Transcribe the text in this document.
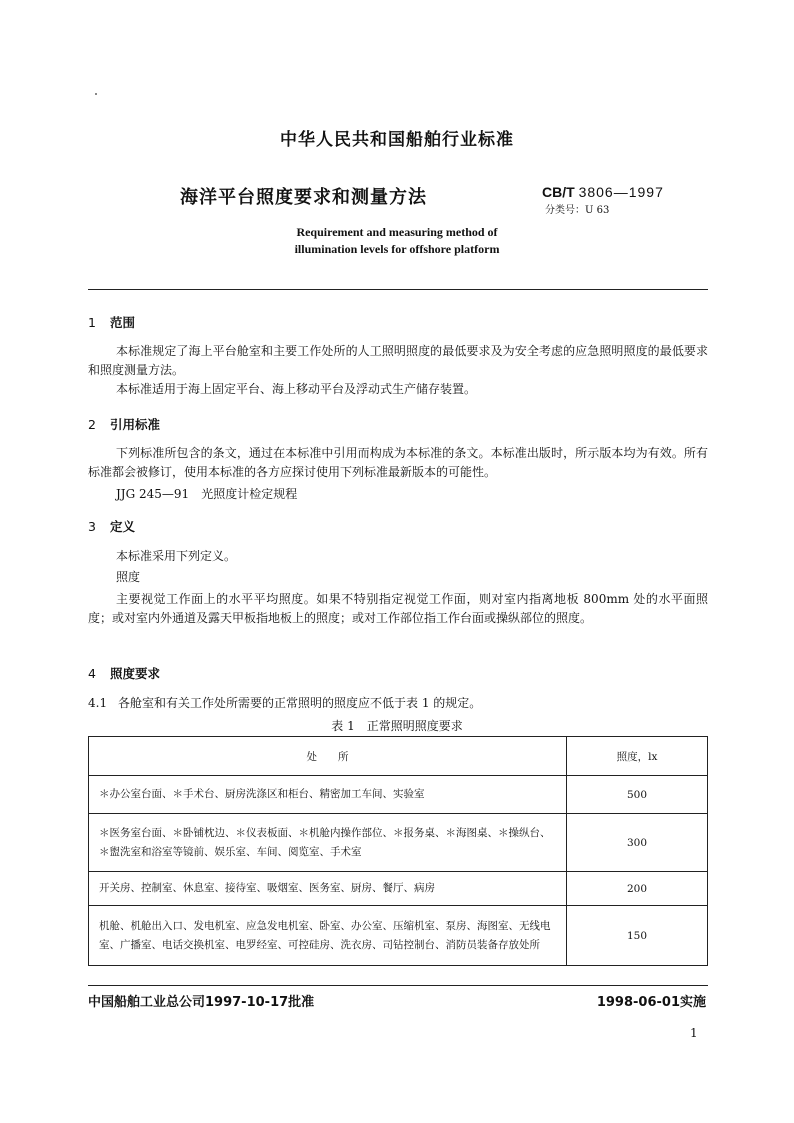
中华人民共和国船舶行业标准
海洋平台照度要求和测量方法	CB/T 3806—1997
分类号：U 63
Requirement and measuring method of
illumination levels for offshore platform
1 范围
本标准规定了海上平台舱室和主要工作处所的人工照明照度的最低要求及为安全考虑的应急照明照度的最低要求和照度测量方法。
本标准适用于海上固定平台、海上移动平台及浮动式生产储存装置。
2 引用标准
下列标准所包含的条文，通过在本标准中引用而构成为本标准的条文。本标准出版时，所示版本均为有效。所有标准都会被修订，使用本标准的各方应探讨使用下列标准最新版本的可能性。
JJG 245—91　光照度计检定规程
3 定义
本标准采用下列定义。
照度
主要视觉工作面上的水平平均照度。如果不特别指定视觉工作面，则对室内指离地板 800mm 处的水平面照度；或对室内外通道及露天甲板指地板上的照度；或对工作部位指工作台面或操纵部位的照度。
4 照度要求
4.1 各舱室和有关工作处所需要的正常照明的照度应不低于表 1 的规定。
表 1　正常照明照度要求
处　　所	照度，lx
＊办公室台面、＊手术台、厨房洗涤区和柜台、精密加工车间、实验室	500
＊医务室台面、＊卧铺枕边、＊仪表板面、＊机舱内操作部位、＊报务桌、＊海图桌、＊操纵台、＊盥洗室和浴室等镜前、娱乐室、车间、阅览室、手术室	300
开关房、控制室、休息室、接待室、吸烟室、医务室、厨房、餐厅、病房	200
机舱、机舱出入口、发电机室、应急发电机室、卧室、办公室、压缩机室、泵房、海图室、无线电室、广播室、电话交换机室、电罗经室、可控硅房、洗衣房、司钻控制台、消防员装备存放处所	150
中国船舶工业总公司1997-10-17批准	1998-06-01实施
1
